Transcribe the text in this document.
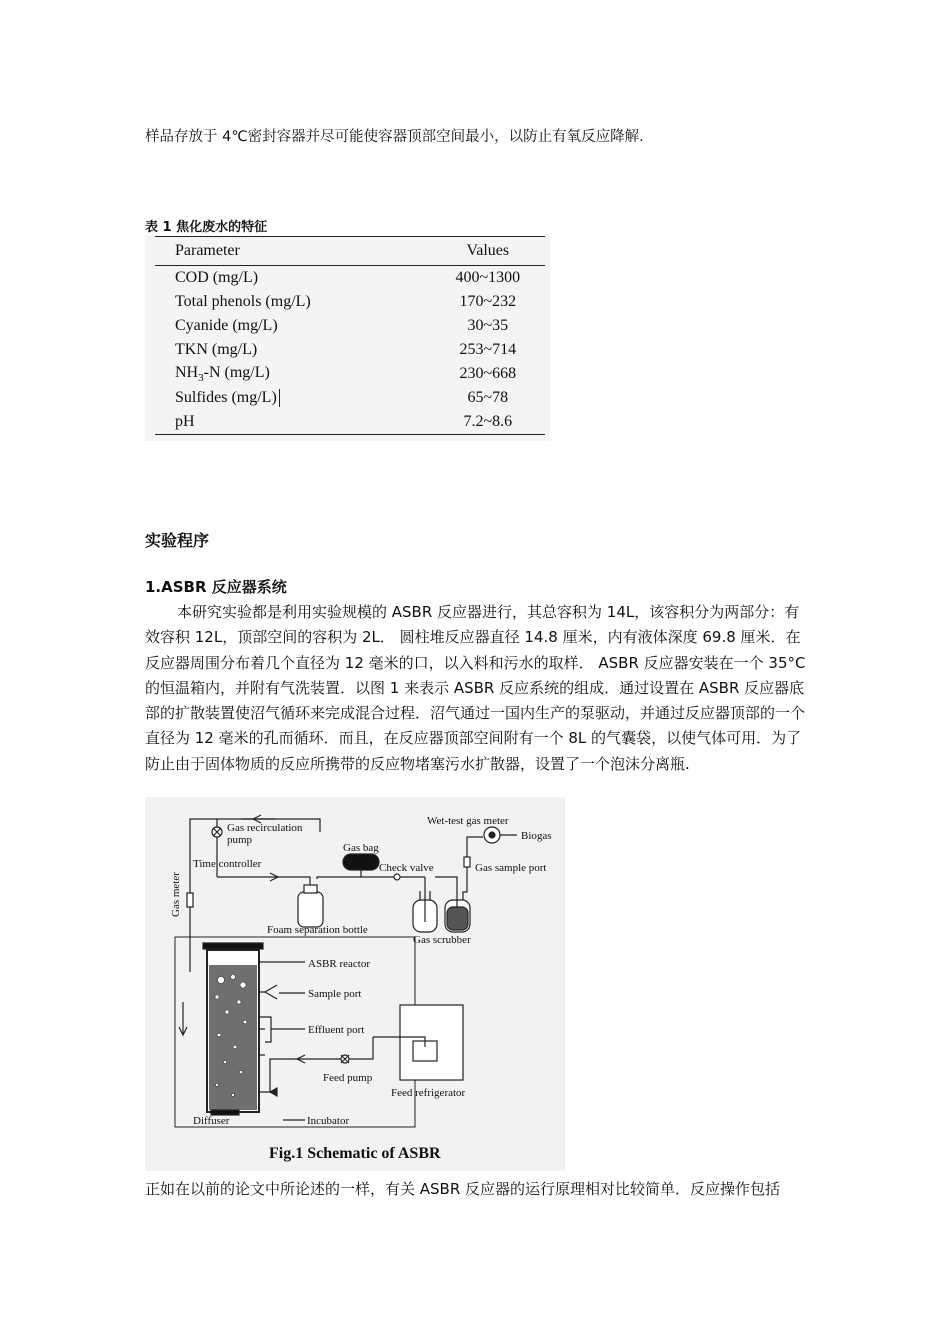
样品存放于 4℃密封容器并尽可能使容器顶部空间最小，以防止有氧反应降解.
表 1 焦化废水的特征
Parameter	Values
COD (mg/L)	400~1300
Total phenols (mg/L)	170~232
Cyanide (mg/L)	30~35
TKN (mg/L)	253~714
$NH_3-N$ (mg/L)	230~668
Sulfides (mg/L)	65~78
pH	7.2~8.6
实验程序
1.ASBR 反应器系统

本研究实验都是利用实验规模的 ASBR 反应器进行，其总容积为 14L，该容积分为两部分：有效容积 12L，顶部空间的容积为 2L． 圆柱堆反应器直径 14.8 厘米，内有液体深度 69.8 厘米．在反应器周围分布着几个直径为 12 毫米的口，以入料和污水的取样． ASBR 反应器安装在一个 35°C 的恒温箱内，并附有气洗装置．以图 1 来表示 ASBR 反应系统的组成．通过设置在 ASBR 反应器底部的扩散装置使沼气循环来完成混合过程．沼气通过一国内生产的泵驱动，并通过反应器顶部的一个直径为 12 毫米的孔而循环．而且，在反应器顶部空间附有一个 8L 的气囊袋，以使气体可用．为了防止由于固体物质的反应所携带的反应物堵塞污水扩散器，设置了一个泡沫分离瓶.

Gas recirculation
pump
Time controller
Gas bag
Check valve
Wet-test gas meter
Biogas
Gas sample port
Foam separation bottle
Gas scrubber
ASBR reactor
Sample port
Effluent port
Feed pump
Feed refrigerator
Diffuser	Incubator
Gas meter
Fig.1 Schematic of ASBR
正如在以前的论文中所论述的一样，有关 ASBR 反应器的运行原理相对比较简单．反应操作包括
